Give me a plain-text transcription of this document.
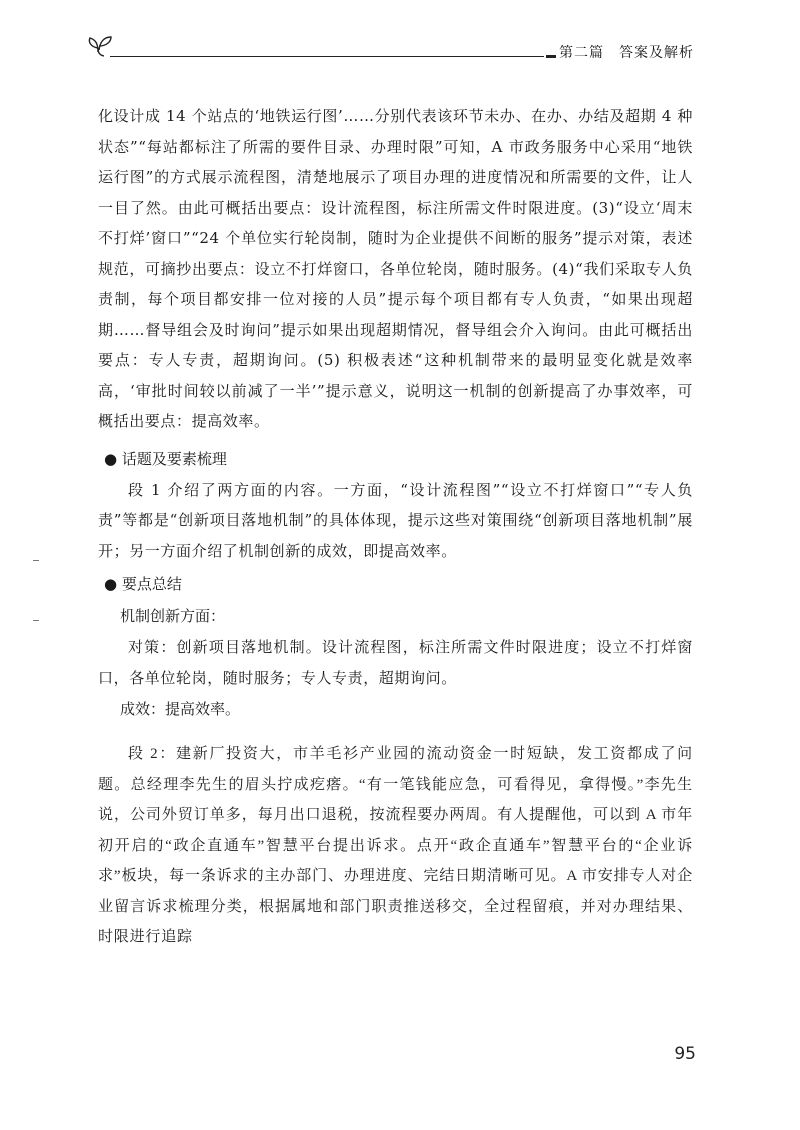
第二篇　答案及解析

化设计成 14 个站点的‘地铁运行图’……分别代表该环节未办、在办、办结及超期 4 种状态”“每站都标注了所需的要件目录、办理时限”可知，A 市政务服务中心采用“地铁运行图”的方式展示流程图，清楚地展示了项目办理的进度情况和所需要的文件，让人一目了然。由此可概括出要点：设计流程图，标注所需文件时限进度。(3)“设立‘周末不打烊’窗口”“24 个单位实行轮岗制，随时为企业提供不间断的服务”提示对策，表述规范，可摘抄出要点：设立不打烊窗口，各单位轮岗，随时服务。(4)“我们采取专人负责制，每个项目都安排一位对接的人员”提示每个项目都有专人负责，“如果出现超期……督导组会及时询问”提示如果出现超期情况，督导组会介入询问。由此可概括出要点：专人专责，超期询问。(5) 积极表述“这种机制带来的最明显变化就是效率高，‘审批时间较以前减了一半’”提示意义，说明这一机制的创新提高了办事效率，可概括出要点：提高效率。

● 话题及要素梳理

段 1 介绍了两方面的内容。一方面，“设计流程图”“设立不打烊窗口”“专人负责”等都是“创新项目落地机制”的具体体现，提示这些对策围绕“创新项目落地机制”展开；另一方面介绍了机制创新的成效，即提高效率。

● 要点总结
机制创新方面：

对策：创新项目落地机制。设计流程图，标注所需文件时限进度；设立不打烊窗口，各单位轮岗，随时服务；专人专责，超期询问。

成效：提高效率。

段 2：建新厂投资大，市羊毛衫产业园的流动资金一时短缺，发工资都成了问题。总经理李先生的眉头拧成疙瘩。“有一笔钱能应急，可看得见，拿得慢。”李先生说，公司外贸订单多，每月出口退税，按流程要办两周。有人提醒他，可以到 A 市年初开启的“政企直通车”智慧平台提出诉求。点开“政企直通车”智慧平台的“企业诉求”板块，每一条诉求的主办部门、办理进度、完结日期清晰可见。A 市安排专人对企业留言诉求梳理分类，根据属地和部门职责推送移交，全过程留痕，并对办理结果、时限进行追踪

95
